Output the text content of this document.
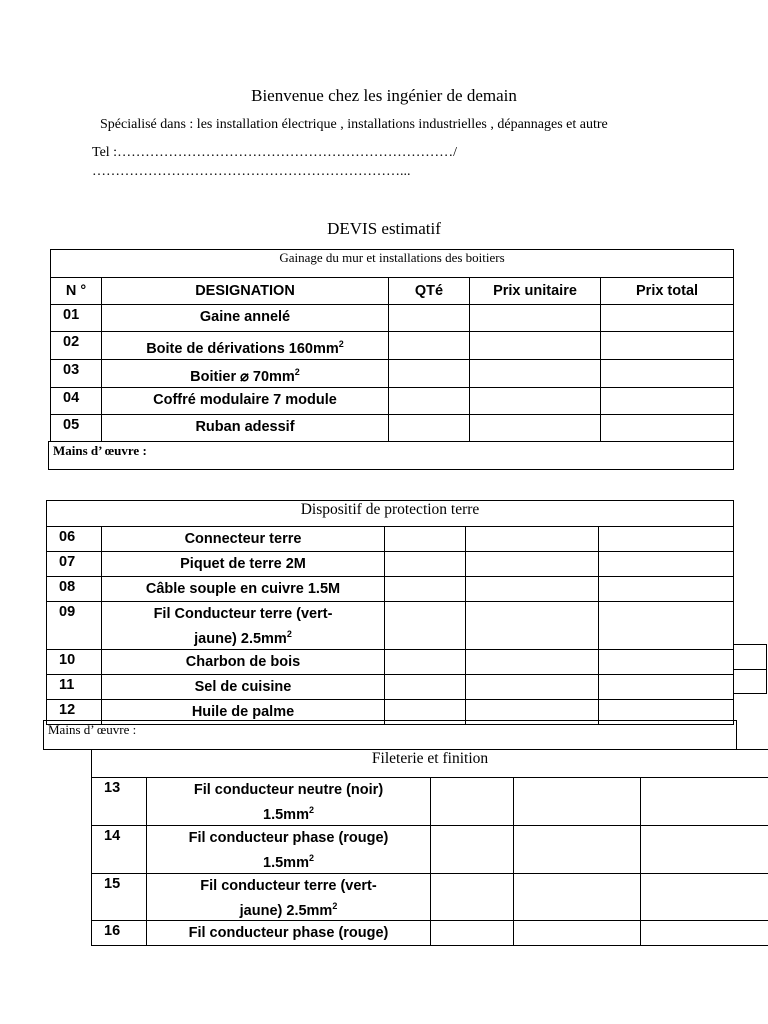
Bienvenue chez les ingénier de demain
Spécialisé dans : les installation électrique , installations industrielles , dépannages et autre
Tel :………………………………………………………………/
…………………………………………………………...
DEVIS estimatif
Gainage du mur et installations des boitiers				
N °	DESIGNATION	QTé	Prix unitaire	Prix total
01	Gaine annelé			
02	Boite de dérivations $160mm^2$			
03	Boitier ⌀ $70mm^2$			
04	Coffré modulaire 7 module			
05	Ruban adessif			
Mains d’ œuvre :
Dispositif de protection terre				
06	Connecteur terre			
07	Piquet de terre 2M			
08	Câble souple en cuivre 1.5M			
09	Fil Conducteur terre (vert-
jaune) $2.5mm^2$			
10	Charbon de bois			
11	Sel de cuisine			
12	Huile de palme			
Mains d’ œuvre :
Fileterie et finition				
13	Fil conducteur neutre (noir)
$1.5mm^2$			
14	Fil conducteur phase (rouge)
$1.5mm^2$			
15	Fil conducteur terre (vert-
jaune) $2.5mm^2$			
16	Fil conducteur phase (rouge)			
